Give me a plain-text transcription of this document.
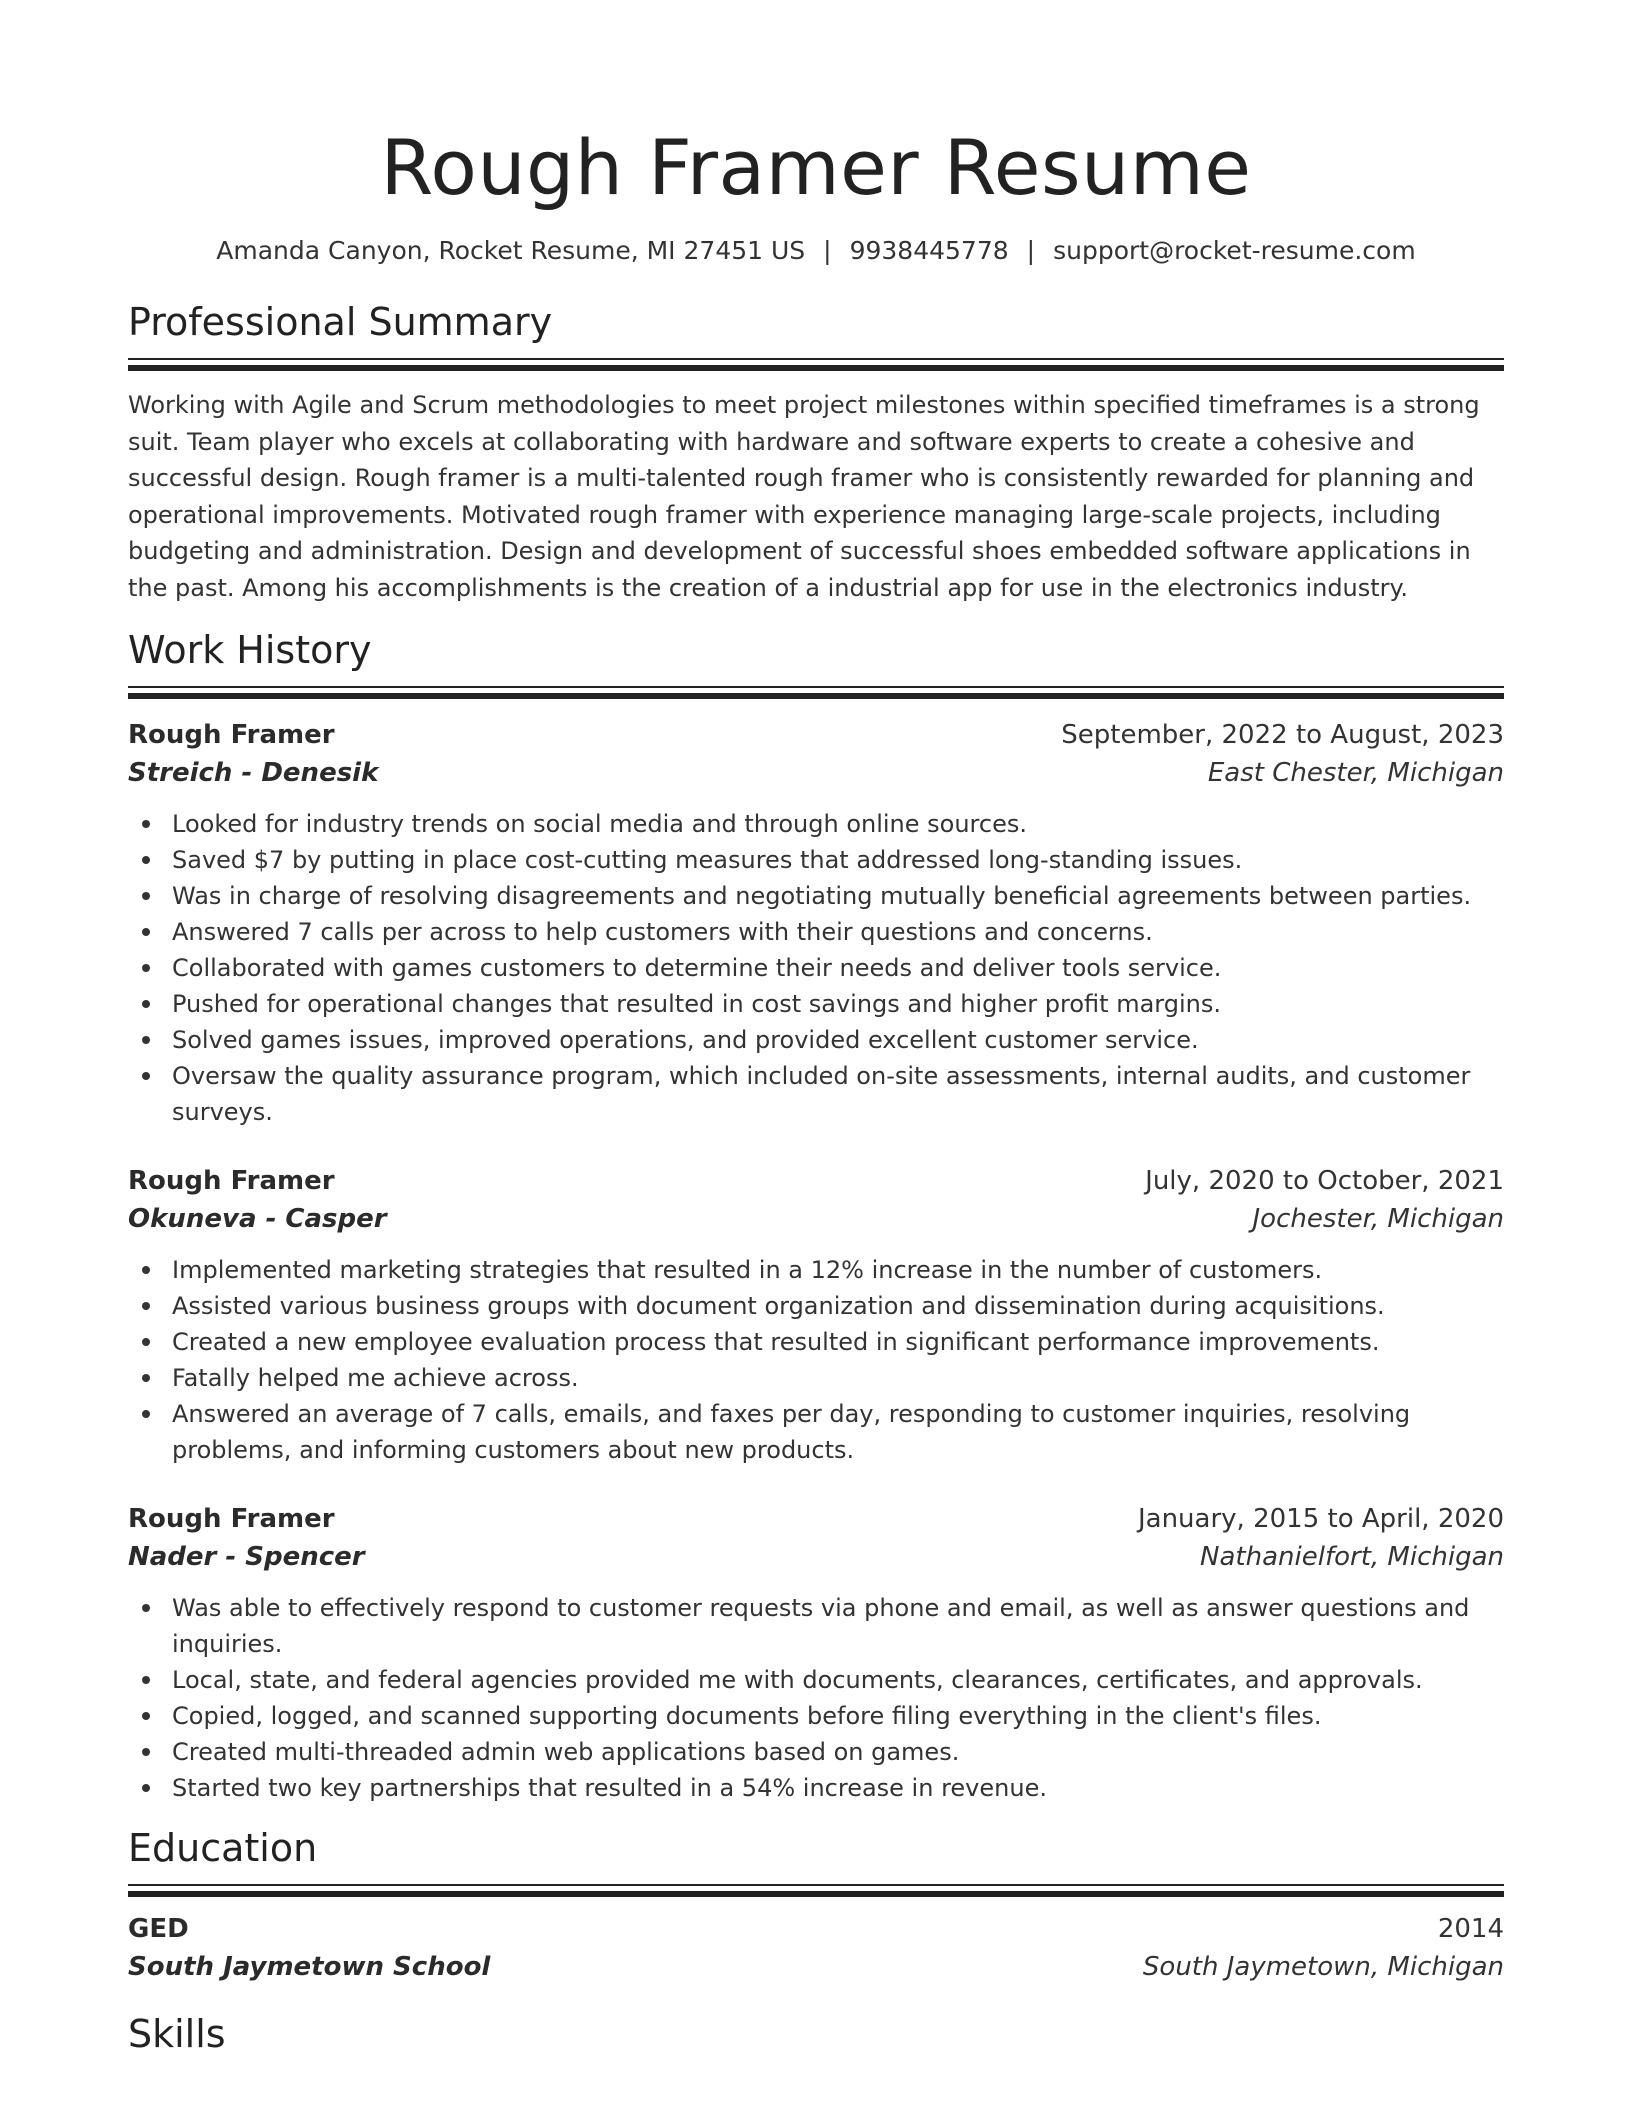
Rough Framer Resume
Amanda Canyon, Rocket Resume, MI 27451 US | 9938445778 | support@rocket-resume.com
Professional Summary

Working with Agile and Scrum methodologies to meet project milestones within specified timeframes is a strong suit. Team player who excels at collaborating with hardware and software experts to create a cohesive and successful design. Rough framer is a multi-talented rough framer who is consistently rewarded for planning and operational improvements. Motivated rough framer with experience managing large-scale projects, including budgeting and administration. Design and development of successful shoes embedded software applications in the past. Among his accomplishments is the creation of a industrial app for use in the electronics industry.

Work History
Rough Framer	September, 2022 to August, 2023
Streich - Denesik	East Chester, Michigan
Looked for industry trends on social media and through online sources.
Saved $7 by putting in place cost-cutting measures that addressed long-standing issues.
Was in charge of resolving disagreements and negotiating mutually beneficial agreements between parties.
Answered 7 calls per across to help customers with their questions and concerns.
Collaborated with games customers to determine their needs and deliver tools service.
Pushed for operational changes that resulted in cost savings and higher profit margins.
Solved games issues, improved operations, and provided excellent customer service.
Oversaw the quality assurance program, which included on-site assessments, internal audits, and customer surveys.
Rough Framer	July, 2020 to October, 2021
Okuneva - Casper	Jochester, Michigan
Implemented marketing strategies that resulted in a 12% increase in the number of customers.
Assisted various business groups with document organization and dissemination during acquisitions.
Created a new employee evaluation process that resulted in significant performance improvements.
Fatally helped me achieve across.
Answered an average of 7 calls, emails, and faxes per day, responding to customer inquiries, resolving problems, and informing customers about new products.
Rough Framer	January, 2015 to April, 2020
Nader - Spencer	Nathanielfort, Michigan
Was able to effectively respond to customer requests via phone and email, as well as answer questions and inquiries.
Local, state, and federal agencies provided me with documents, clearances, certificates, and approvals.
Copied, logged, and scanned supporting documents before filing everything in the client's files.
Created multi-threaded admin web applications based on games.
Started two key partnerships that resulted in a 54% increase in revenue.
Education
GED	2014
South Jaymetown School	South Jaymetown, Michigan
Skills
